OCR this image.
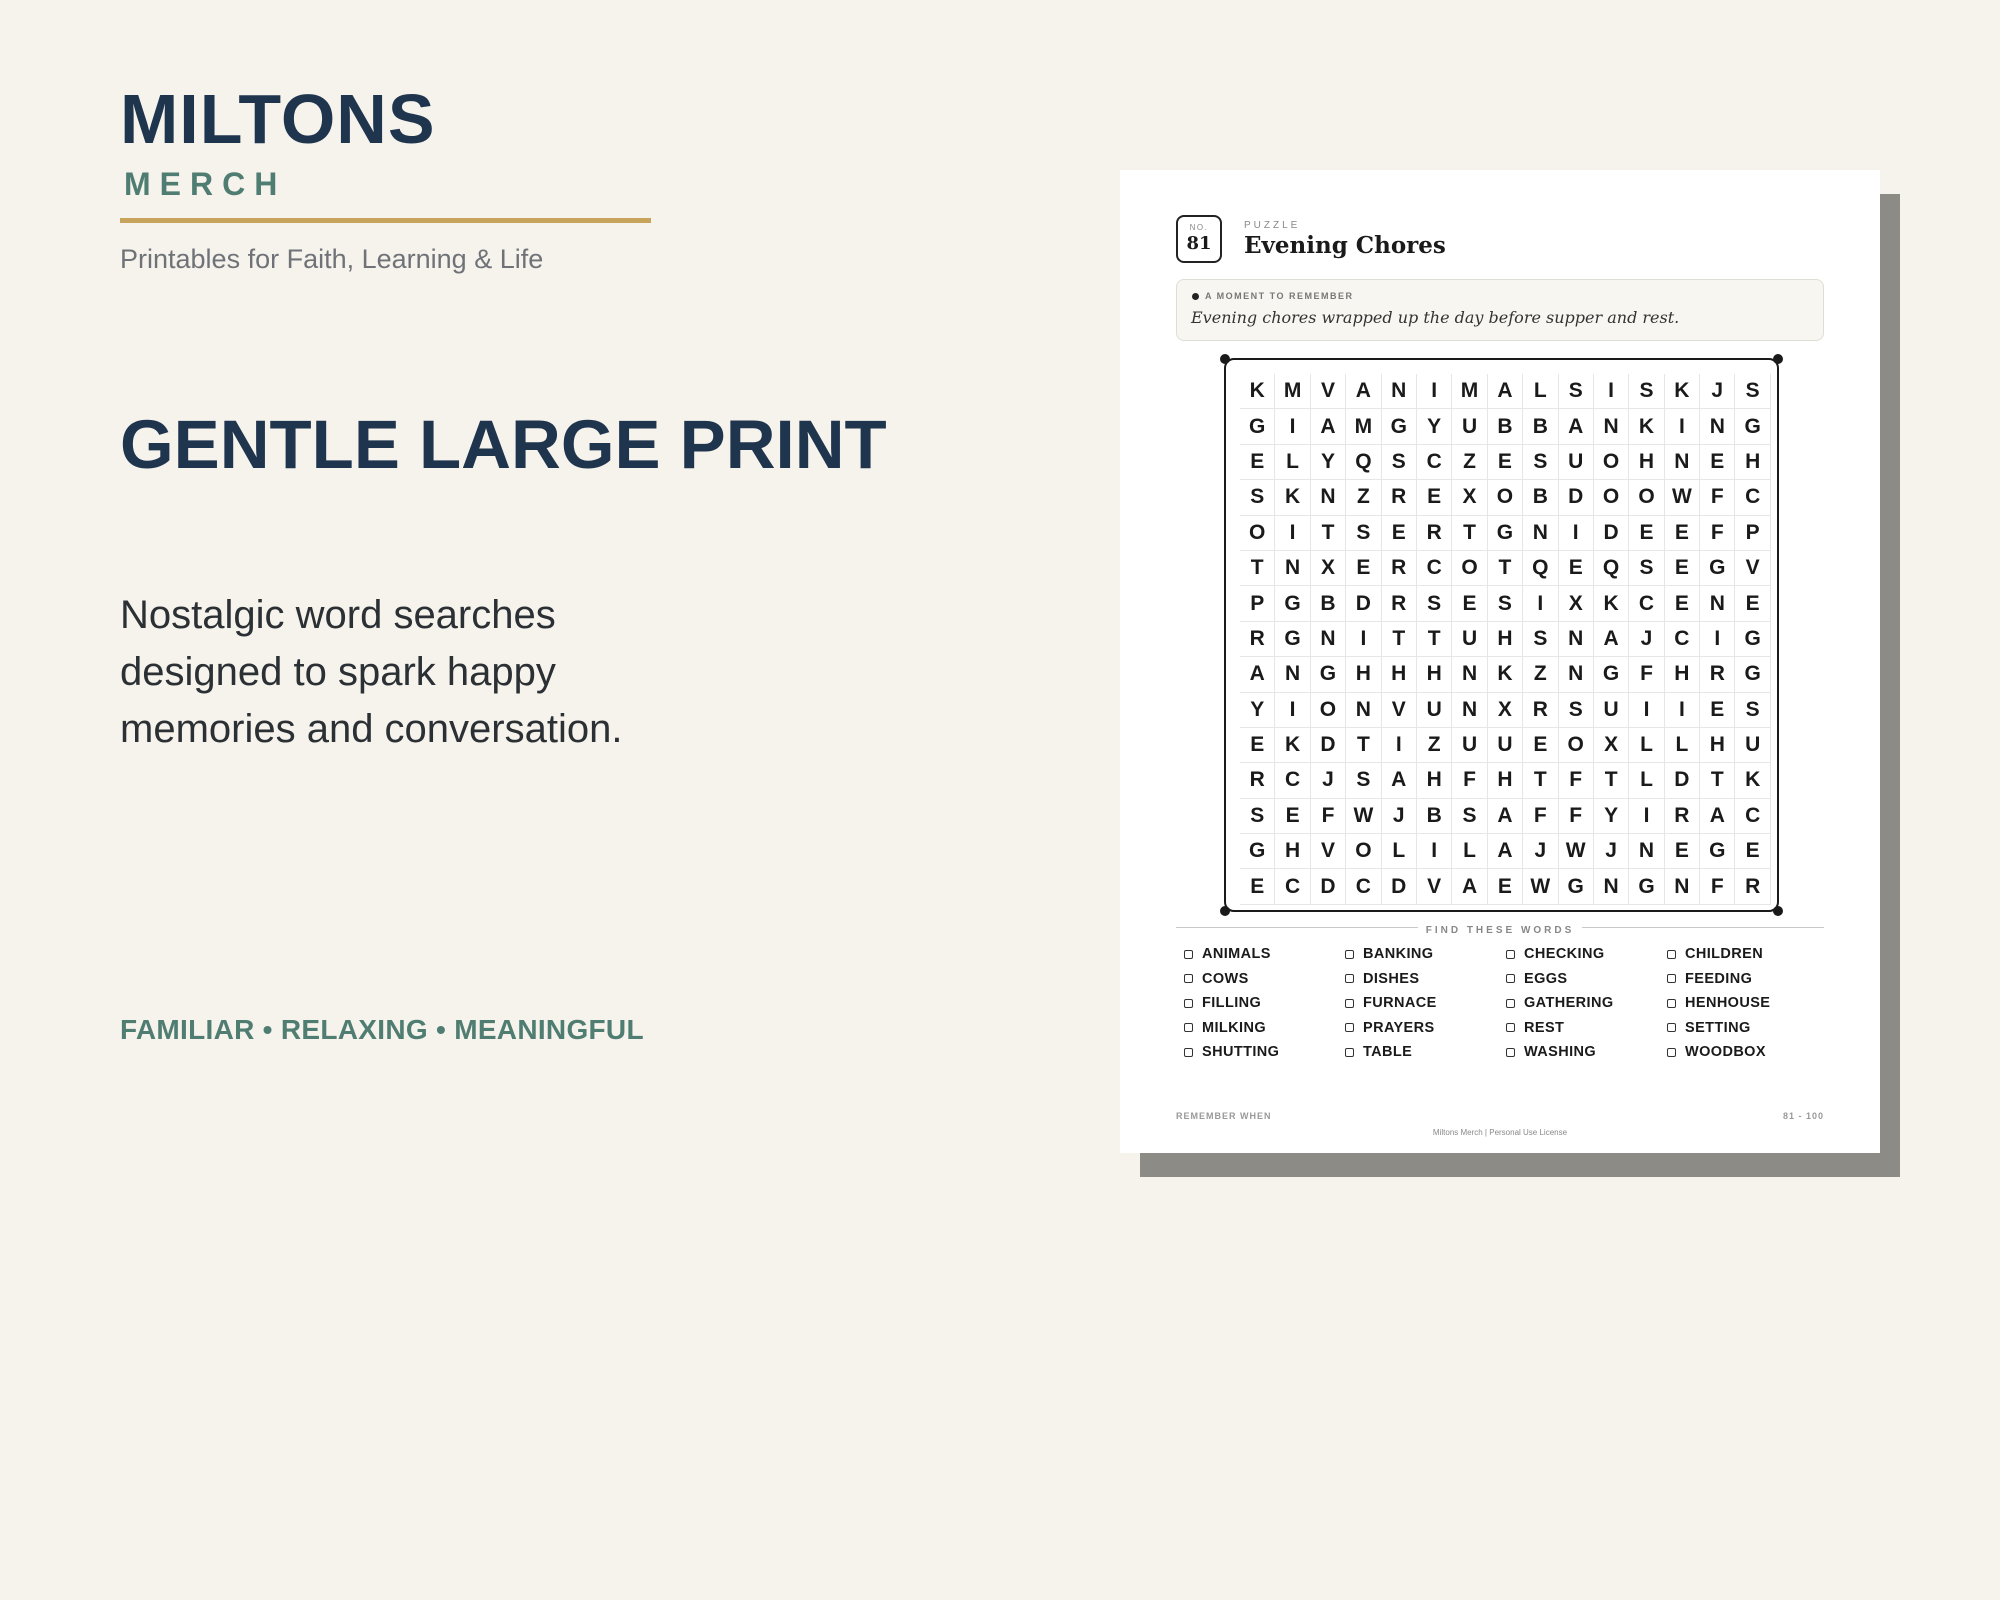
MILTONS
MERCH
Printables for Faith, Learning & Life
GENTLE LARGE PRINT
Nostalgic word searches designed to spark happy memories and conversation.
FAMILIAR • RELAXING • MEANINGFUL
NO.
81
PUZZLE
Evening Chores
A MOMENT TO REMEMBER
Evening chores wrapped up the day before supper and rest.
K M V A N	I	M A	L	S	I	S K	J	S
G	I	A M G Y U B B A N K	I	N G
E	L	Y Q S C	Z	E	S U O H N E H
S K N	Z	R E	X O B D O O W F	C
O	I	T	S	E R	T G N	I	D E	E	F	P
T	N X	E R C O T Q E Q S	E G V
P G B D R S	E	S	I	X K C E N E
R G N	I	T	T	U H S N A	J	C	I	G
A N G H H H N K	Z	N G F	H R G
Y	I	O N V U N X R S U	I	I	E	S
E K D	T	I	Z	U U E O X	L	L	H U
R C	J	S A H	F	H	T	F	T	L	D	T	K
S	E	F W J	B S A	F	F	Y	I	R A C
G H V O L	I	L	A	J W J	N E G E
E C D C D V A E W G N G N	F	R
FIND THESE WORDS
ANIMALS	BANKING	CHECKING	CHILDREN
COWS	DISHES	EGGS	FEEDING
FILLING	FURNACE	GATHERING	HENHOUSE
MILKING	PRAYERS	REST	SETTING
SHUTTING	TABLE	WASHING	WOODBOX
REMEMBER WHEN	81 - 100
Miltons Merch | Personal Use License
